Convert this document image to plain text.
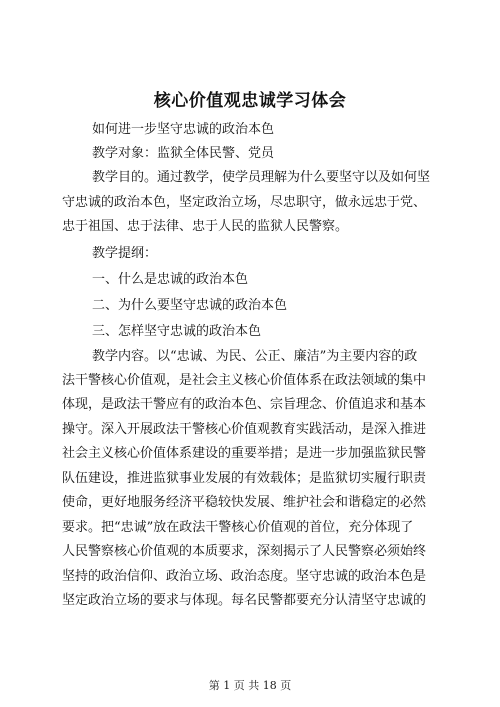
核心价值观忠诚学习体会
如何进一步坚守忠诚的政治本色
教学对象：监狱全体民警、党员
教学目的。通过教学，使学员理解为什么要坚守以及如何坚
守忠诚的政治本色，坚定政治立场，尽忠职守，做永远忠于党、
忠于祖国、忠于法律、忠于人民的监狱人民警察。
教学提纲：
一、什么是忠诚的政治本色
二、为什么要坚守忠诚的政治本色
三、怎样坚守忠诚的政治本色
教学内容。以“忠诚、为民、公正、廉洁”为主要内容的政
法干警核心价值观，是社会主义核心价值体系在政法领域的集中
体现，是政法干警应有的政治本色、宗旨理念、价值追求和基本
操守。深入开展政法干警核心价值观教育实践活动，是深入推进
社会主义核心价值体系建设的重要举措；是进一步加强监狱民警
队伍建设，推进监狱事业发展的有效载体；是监狱切实履行职责
使命，更好地服务经济平稳较快发展、维护社会和谐稳定的必然
要求。把“忠诚”放在政法干警核心价值观的首位，充分体现了
人民警察核心价值观的本质要求，深刻揭示了人民警察必须始终
坚持的政治信仰、政治立场、政治态度。坚守忠诚的政治本色是
坚定政治立场的要求与体现。每名民警都要充分认清坚守忠诚的
第 1 页 共 18 页
